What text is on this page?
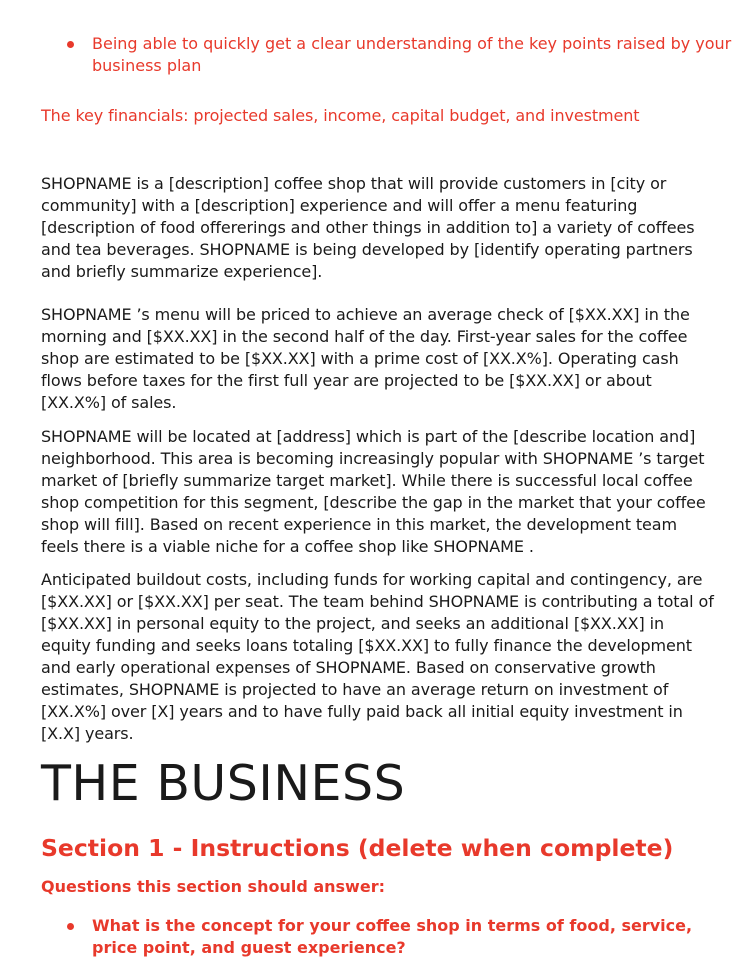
Being able to quickly get a clear understanding of the key points raised by your business plan

The key financials: projected sales, income, capital budget, and investment

SHOPNAME is a [description] coffee shop that will provide customers in [city or community] with a [description] experience and will offer a menu featuring [description of food offererings and other things in addition to] a variety of coffees and tea beverages. SHOPNAME is being developed by [identify operating partners and briefly summarize experience].

SHOPNAME ’s menu will be priced to achieve an average check of [$XX.XX] in the morning and [$XX.XX] in the second half of the day. First-year sales for the coffee shop are estimated to be [$XX.XX] with a prime cost of [XX.X%]. Operating cash flows before taxes for the first full year are projected to be [$XX.XX] or about [XX.X%] of sales.

SHOPNAME will be located at [address] which is part of the [describe location and] neighborhood. This area is becoming increasingly popular with SHOPNAME ’s target market of [briefly summarize target market]. While there is successful local coffee shop competition for this segment, [describe the gap in the market that your coffee shop will fill]. Based on recent experience in this market, the development team feels there is a viable niche for a coffee shop like SHOPNAME .

Anticipated buildout costs, including funds for working capital and contingency, are [$XX.XX] or [$XX.XX] per seat. The team behind SHOPNAME is contributing a total of [$XX.XX] in personal equity to the project, and seeks an additional [$XX.XX] in equity funding and seeks loans totaling [$XX.XX] to fully finance the development and early operational expenses of SHOPNAME. Based on conservative growth estimates, SHOPNAME is projected to have an average return on investment of [XX.X%] over [X] years and to have fully paid back all initial equity investment in [X.X] years.

THE BUSINESS
Section 1 - Instructions (delete when complete)

Questions this section should answer:

What is the concept for your coffee shop in terms of food, service, price point, and guest experience?
